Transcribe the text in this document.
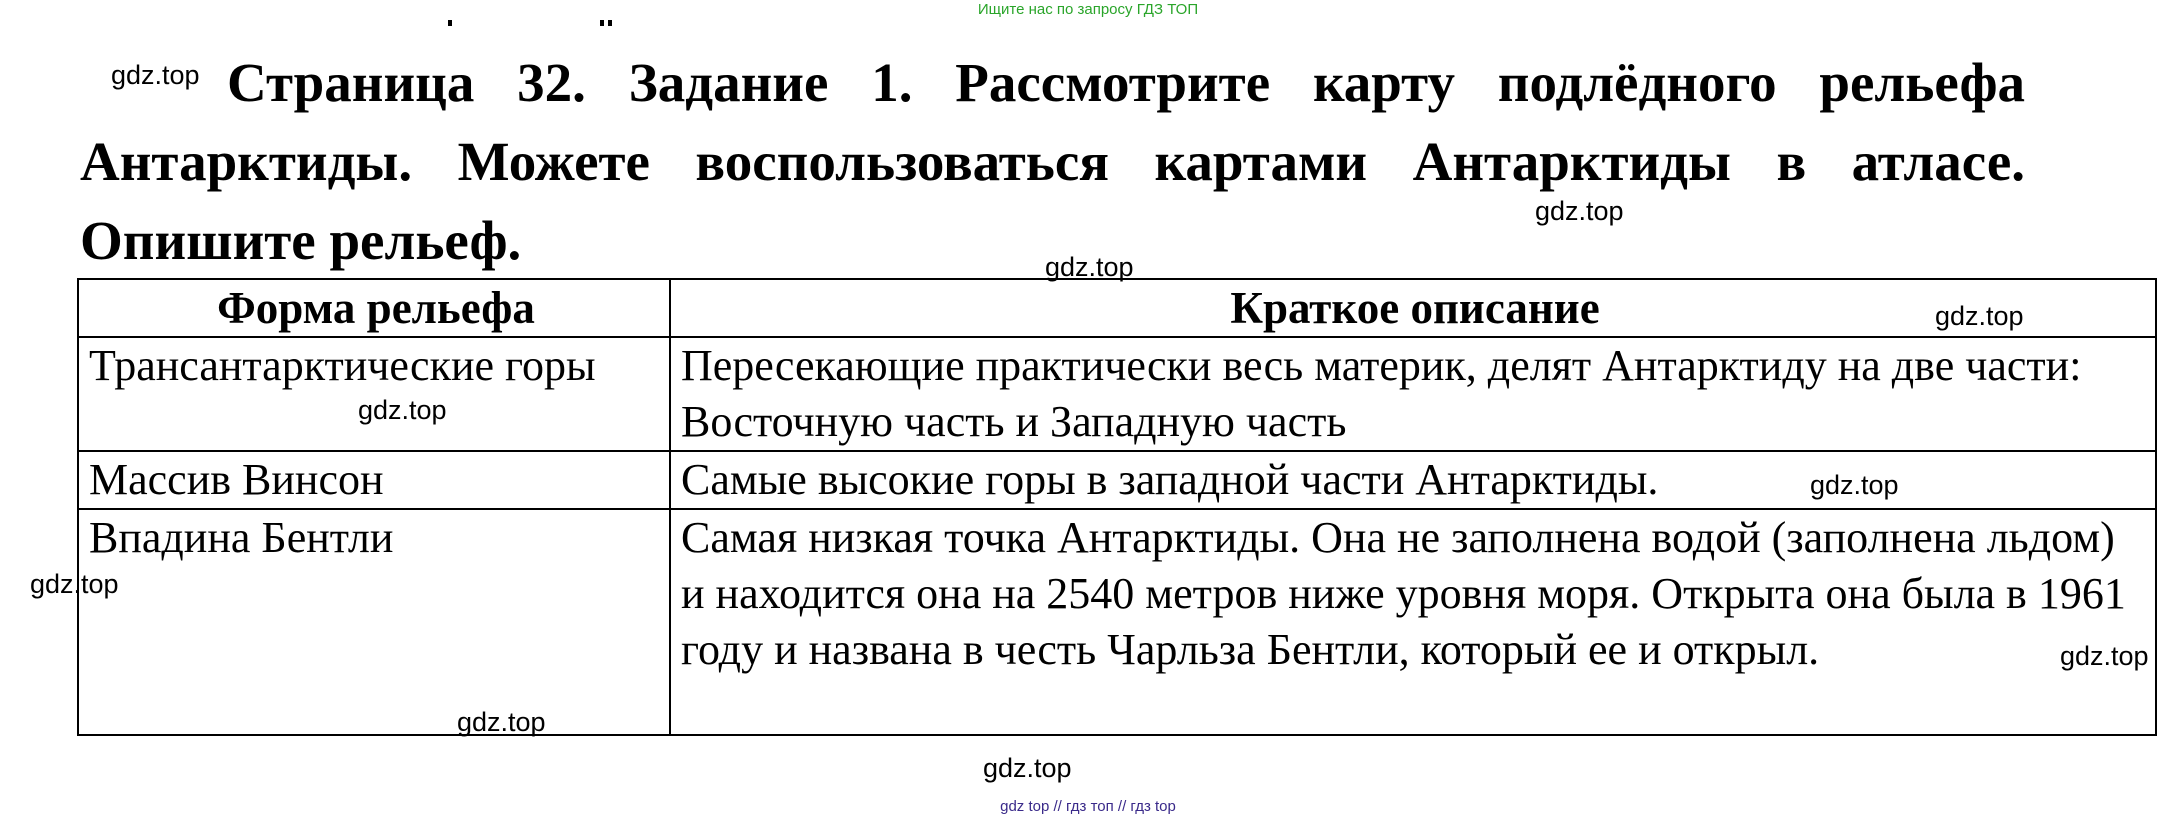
Ищите нас по запросу ГДЗ ТОП
Страница 32. Задание 1. Рассмотрите карту подлёдного рельефа Антарктиды. Можете воспользоваться картами Антарктиды в атласе. Опишите рельеф.
Форма рельефа	Краткое описание
Трансантарктические горы	Пересекающие практически весь материк, делят Антарктиду на две части: Восточную часть и Западную часть
Массив Винсон	Самые высокие горы в западной части Антарктиды.
Впадина Бентли	Самая низкая точка Антарктиды. Она не заполнена водой (заполнена льдом) и находится она на 2540 метров ниже уровня моря. Открыта она была в 1961 году и названа в честь Чарльза Бентли, который ее и открыл.
gdz.top
gdz.top
gdz.top
gdz.top
gdz.top
gdz.top
gdz.top
gdz.top
gdz.top
gdz.top
gdz top // гдз топ // гдз top
